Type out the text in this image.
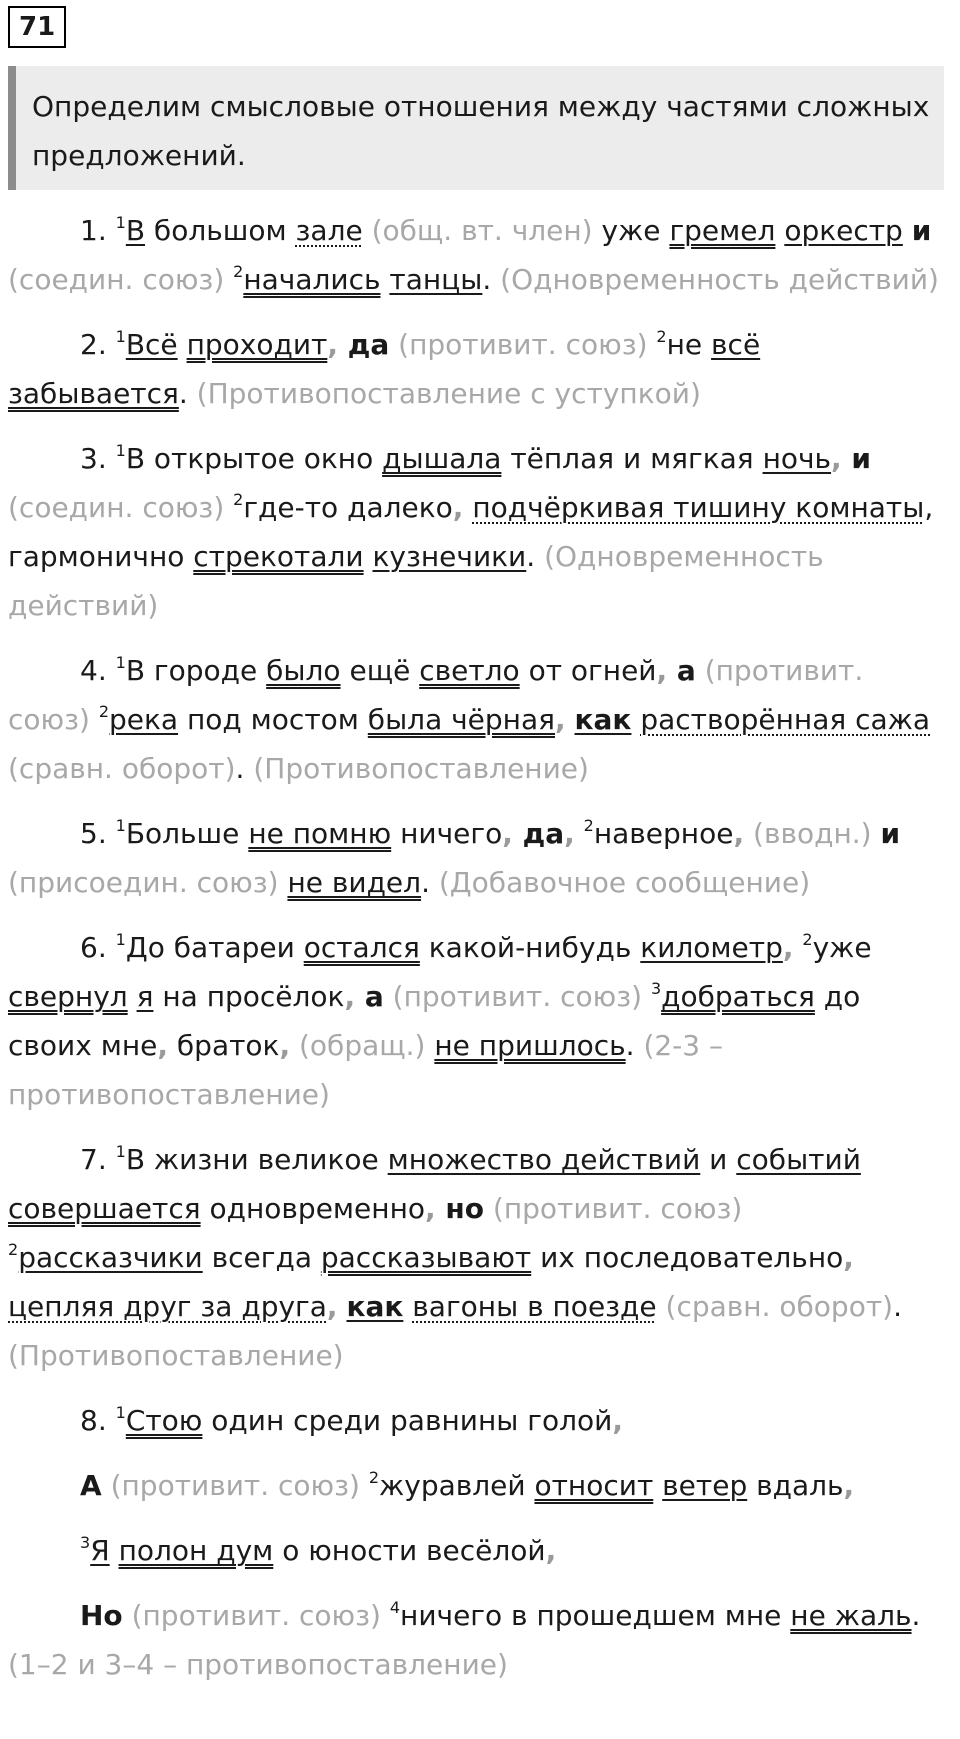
71
Определим смысловые отношения между частями сложных предложений.

1. $^1$В большом зале (общ. вт. член) уже гремел оркестр и (соедин. союз) $^2$начались танцы. (Одновременность действий)

2. $^1$Всё проходит, да (противит. союз) $^2$не всё забывается. (Противопоставление с уступкой)

3. $^1$В открытое окно дышала тёплая и мягкая ночь, и (соедин. союз) $^2$где-то далеко, подчёркивая тишину комнаты, гармонично стрекотали кузнечики. (Одновременность действий)

4. $^1$В городе было ещё светло от огней, а (противит. союз) $^2$река под мостом была чёрная, как растворённая сажа (сравн. оборот). (Противопоставление)

5. $^1$Больше не помню ничего, да, $^2$наверное, (вводн.) и (присоедин. союз) не видел. (Добавочное сообщение)

6. $^1$До батареи остался какой-нибудь километр, $^2$уже свернул я на просёлок, а (противит. союз) $^3$добраться до своих мне, браток, (обращ.) не пришлось. (2-3 – противопоставление)

7. $^1$В жизни великое множество действий и событий совершается одновременно, но (противит. союз) $^2$рассказчики всегда рассказывают их последовательно, цепляя друг за друга, как вагоны в поезде (сравн. оборот). (Противопоставление)

8. $^1$Стою один среди равнины голой,

А (противит. союз) $^2$журавлей относит ветер вдаль,

$^3$Я полон дум о юности весёлой,

Но (противит. союз) $^4$ничего в прошедшем мне не жаль. (1–2 и 3–4 – противопоставление)
